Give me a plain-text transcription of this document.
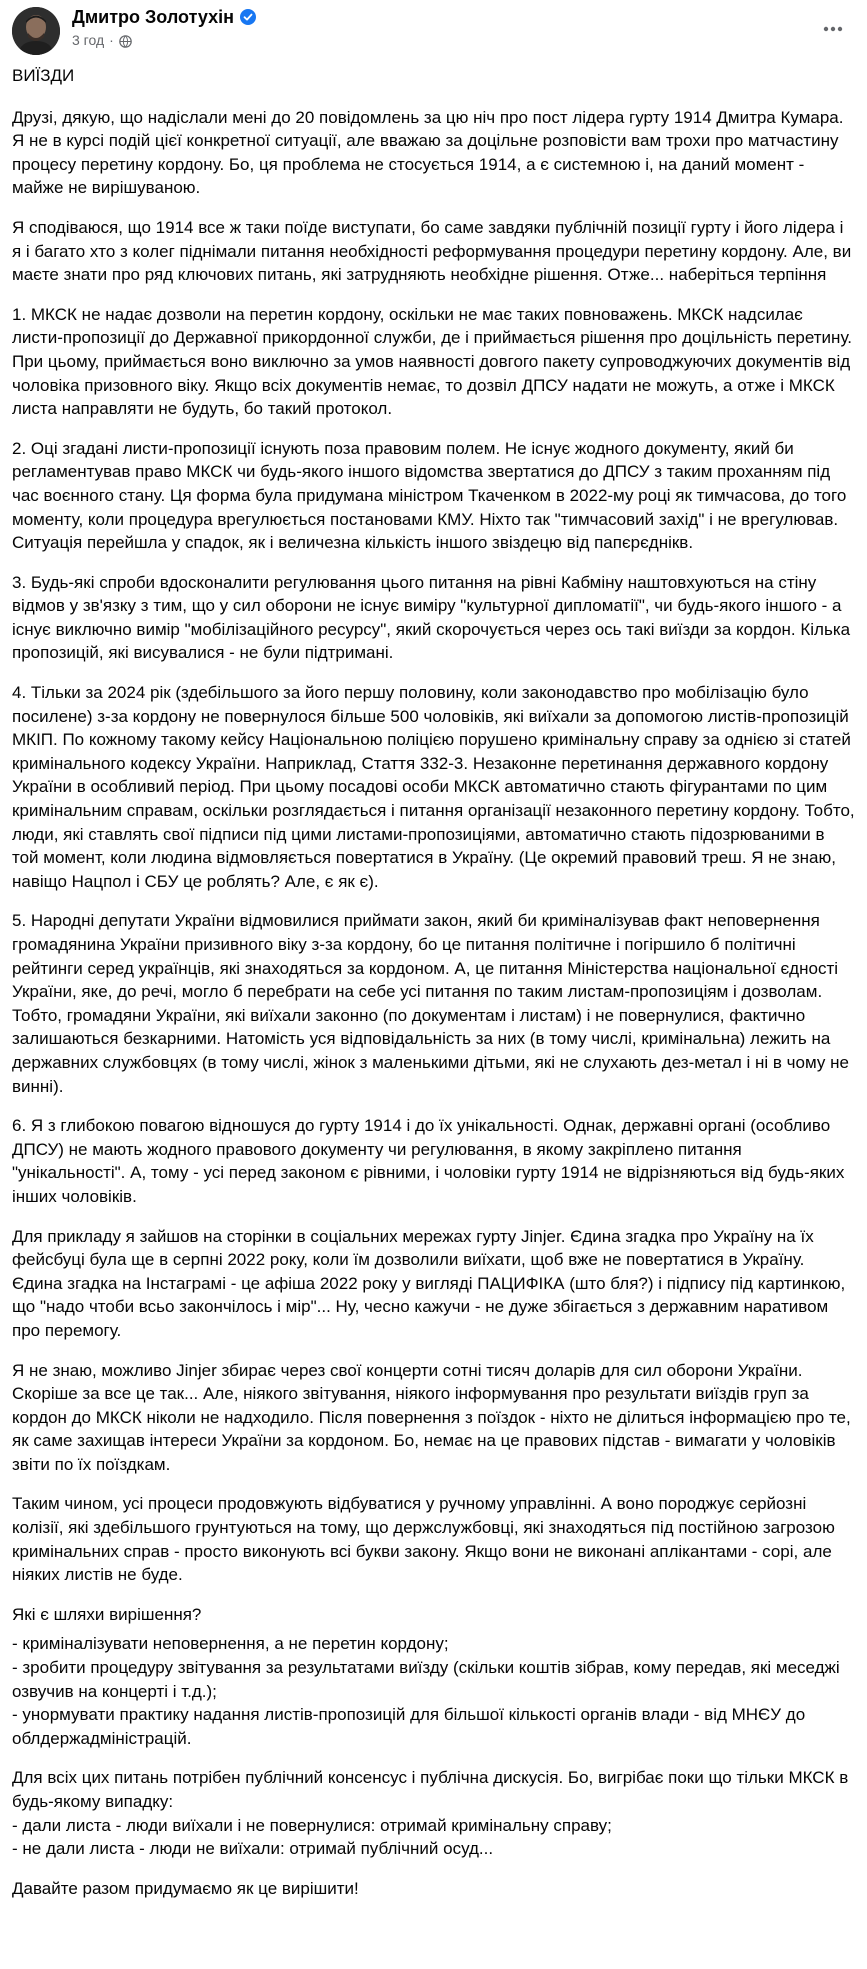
Дмитро Золотухін
3 год ·

ВИЇЗДИ

Друзі, дякую, що надіслали мені до 20 повідомлень за цю ніч про пост лідера гурту 1914 Дмитра Кумара. Я не в курсі подій цієї конкретної ситуації, але вважаю за доцільне розповісти вам трохи про матчастину процесу перетину кордону. Бо, ця проблема не стосується 1914, а є системною і, на даний момент - майже не вирішуваною.

Я сподіваюся, що 1914 все ж таки поїде виступати, бо саме завдяки публічній позиції гурту і його лідера і я і багато хто з колег піднімали питання необхідності реформування процедури перетину кордону. Але, ви маєте знати про ряд ключових питань, які затрудняють необхідне рішення. Отже... наберіться терпіння

1. МКСК не надає дозволи на перетин кордону, оскільки не має таких повноважень. МКСК надсилає листи-пропозиції до Державної прикордонної служби, де і приймається рішення про доцільність перетину. При цьому, приймається воно виключно за умов наявності довгого пакету супроводжуючих документів від чоловіка призовного віку. Якщо всіх документів немає, то дозвіл ДПСУ надати не можуть, а отже і МКСК листа направляти не будуть, бо такий протокол.

2. Оці згадані листи-пропозиції існують поза правовим полем. Не існує жодного документу, який би регламентував право МКСК чи будь-якого іншого відомства звертатися до ДПСУ з таким проханням під час воєнного стану. Ця форма була придумана міністром Ткаченком в 2022-му році як тимчасова, до того моменту, коли процедура врегулюється постановами КМУ. Ніхто так "тимчасовий захід" і не врегулював. Ситуація перейшла у спадок, як і величезна кількість іншого звіздецю від папєрєднікв.

3. Будь-які спроби вдосконалити регулювання цього питання на рівні Кабміну наштовхуються на стіну відмов у зв'язку з тим, що у сил оборони не існує виміру "культурної дипломатії", чи будь-якого іншого - а існує виключно вимір "мобілізаційного ресурсу", який скорочується через ось такі виїзди за кордон. Кілька пропозицій, які висувалися - не були підтримані.

4. Тільки за 2024 рік (здебільшого за його першу половину, коли законодавство про мобілізацію було посилене) з-за кордону не повернулося більше 500 чоловіків, які виїхали за допомогою листів-пропозицій МКІП. По кожному такому кейсу Національною поліцією порушено кримінальну справу за однією зі статей кримінального кодексу України. Наприклад, Стаття 332-3. Незаконне перетинання державного кордону України в особливий період. При цьому посадові особи МКСК автоматично стають фігурантами по цим кримінальним справам, оскільки розглядається і питання організації незаконного перетину кордону. Тобто, люди, які ставлять свої підписи під цими листами-пропозиціями, автоматично стають підозрюваними в той момент, коли людина відмовляється повертатися в Україну. (Це окремий правовий треш. Я не знаю, навіщо Нацпол і СБУ це роблять? Але, є як є).

5. Народні депутати України відмовилися приймати закон, який би криміналізував факт неповернення громадянина України призивного віку з-за кордону, бо це питання політичне і погіршило б політичні рейтинги серед українців, які знаходяться за кордоном. А, це питання Міністерства національної єдності України, яке, до речі, могло б перебрати на себе усі питання по таким листам-пропозиціям і дозволам. Тобто, громадяни України, які виїхали законно (по документам і листам) і не повернулися, фактично залишаються безкарними. Натомість уся відповідальність за них (в тому числі, кримінальна) лежить на державних службовцях (в тому числі, жінок з маленькими дітьми, які не слухають дез-метал і ні в чому не винні).

6. Я з глибокою повагою відношуся до гурту 1914 і до їх унікальності. Однак, державні органі (особливо ДПСУ) не мають жодного правового документу чи регулювання, в якому закріплено питання "унікальності". А, тому - усі перед законом є рівними, і чоловіки гурту 1914 не відрізняються від будь-яких інших чоловіків.

Для прикладу я зайшов на сторінки в соціальних мережах гурту Jinjer. Єдина згадка про Україну на їх фейсбуці була ще в серпні 2022 року, коли їм дозволили виїхати, щоб вже не повертатися в Україну. Єдина згадка на Інстаграмі - це афіша 2022 року у вигляді ПАЦИФІКА (што бля?) і підпису під картинкою, що "надо чтоби всьо закончілось і мір"... Ну, чесно кажучи - не дуже збігається з державним наративом про перемогу.

Я не знаю, можливо Jinjer збирає через свої концерти сотні тисяч доларів для сил оборони України. Скоріше за все це так... Але, ніякого звітування, ніякого інформування про результати виїздів груп за кордон до МКСК ніколи не надходило. Після повернення з поїздок - ніхто не ділиться інформацією про те, як саме захищав інтереси України за кордоном. Бо, немає на це правових підстав - вимагати у чоловіків звіти по їх поїздкам.

Таким чином, усі процеси продовжують відбуватися у ручному управлінні. А воно породжує серйозні колізії, які здебільшого грунтуються на тому, що держслужбовці, які знаходяться під постійною загрозою кримінальних справ - просто виконують всі букви закону. Якщо вони не виконані аплікантами - сорі, але ніяких листів не буде.

Які є шляхи вирішення?

- криміналізувати неповернення, а не перетин кордону;
- зробити процедуру звітування за результатами виїзду (скільки коштів зібрав, кому передав, які меседжі озвучив на концерті і т.д.);
- унормувати практику надання листів-пропозицій для більшої кількості органів влади - від МНЄУ до облдержадміністрацій.

Для всіх цих питань потрібен публічний консенсус і публічна дискусія. Бо, вигрібає поки що тільки МКСК в будь-якому випадку:
- дали листа - люди виїхали і не повернулися: отримай кримінальну справу;
- не дали листа - люди не виїхали: отримай публічний осуд...

Давайте разом придумаємо як це вирішити!
